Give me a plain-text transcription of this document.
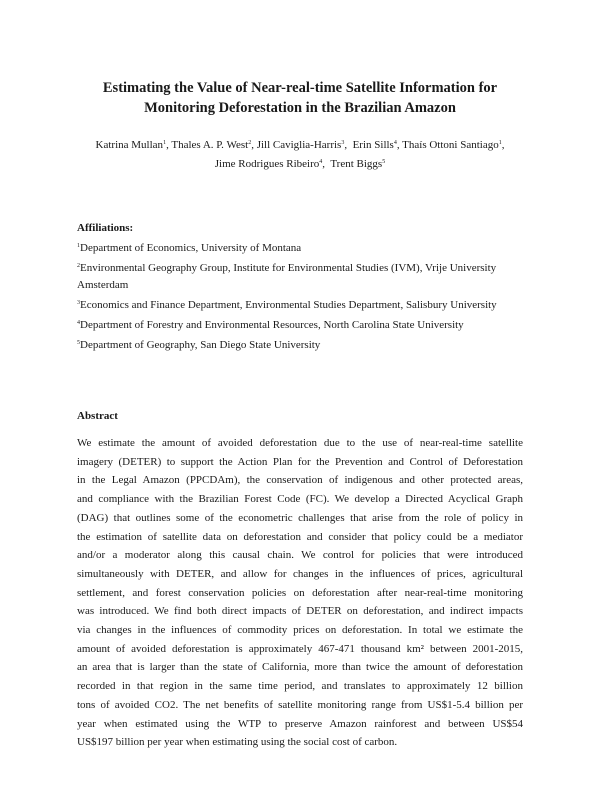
Estimating the Value of Near-real-time Satellite Information for
Monitoring Deforestation in the Brazilian Amazon
Katrina Mullan$^1$, Thales A. P. West$^2$, Jill Caviglia-Harris$^3$,  Erin Sills$^4$, Thaís Ottoni Santiago$^1$,
Jime Rodrigues Ribeiro$^4$,  Trent Biggs$^5$
Affiliations:
$^1$Department of Economics, University of Montana
$^2$Environmental Geography Group, Institute for Environmental Studies (IVM), Vrije University Amsterdam
$^3$Economics and Finance Department, Environmental Studies Department, Salisbury University
$^4$Department of Forestry and Environmental Resources, North Carolina State University
$^5$Department of Geography, San Diego State University
Abstract
We estimate the amount of avoided deforestation due to the use of near-real-time satellite
imagery (DETER) to support the Action Plan for the Prevention and Control of Deforestation
in the Legal Amazon (PPCDAm), the conservation of indigenous and other protected areas,
and compliance with the Brazilian Forest Code (FC). We develop a Directed Acyclical Graph
(DAG) that outlines some of the econometric challenges that arise from the role of policy in
the estimation of satellite data on deforestation and consider that policy could be a mediator
and/or a moderator along this causal chain. We control for policies that were introduced
simultaneously with DETER, and allow for changes in the influences of prices, agricultural
settlement, and forest conservation policies on deforestation after near-real-time monitoring
was introduced. We find both direct impacts of DETER on deforestation, and indirect impacts
via changes in the influences of commodity prices on deforestation. In total we estimate the
amount of avoided deforestation is approximately 467-471 thousand km² between 2001-2015,
an area that is larger than the state of California, more than twice the amount of deforestation
recorded in that region in the same time period, and translates to approximately 12 billion
tons of avoided CO2. The net benefits of satellite monitoring range from US$1-5.4 billion per
year when estimated using the WTP to preserve Amazon rainforest and between US$54
US$197 billion per year when estimating using the social cost of carbon.
